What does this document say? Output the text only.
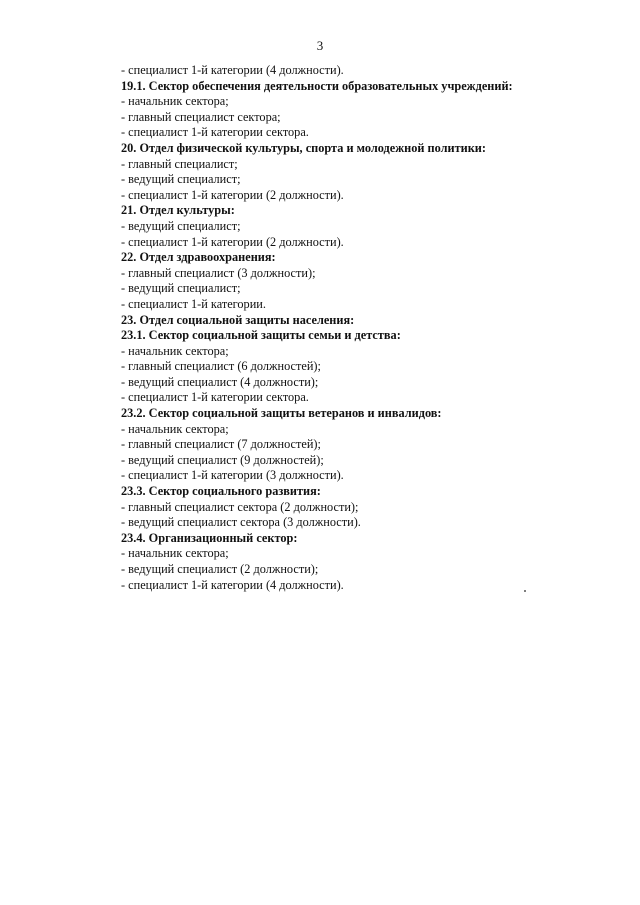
3
- специалист 1-й категории (4 должности).
19.1. Сектор обеспечения деятельности образовательных учреждений:
- начальник сектора;
- главный специалист сектора;
- специалист 1-й категории сектора.
20. Отдел физической культуры, спорта и молодежной политики:
- главный специалист;
- ведущий специалист;
- специалист 1-й категории (2 должности).
21. Отдел культуры:
- ведущий специалист;
- специалист 1-й категории (2 должности).
22. Отдел здравоохранения:
- главный специалист (3 должности);
- ведущий специалист;
- специалист 1-й категории.
23. Отдел социальной защиты населения:
23.1. Сектор социальной защиты семьи и детства:
- начальник сектора;
- главный специалист (6 должностей);
- ведущий специалист (4 должности);
- специалист 1-й категории сектора.
23.2. Сектор социальной защиты ветеранов и инвалидов:
- начальник сектора;
- главный специалист (7 должностей);
- ведущий специалист (9 должностей);
- специалист 1-й категории (3 должности).
23.3. Сектор социального развития:
- главный специалист сектора (2 должности);
- ведущий специалист сектора (3 должности).
23.4. Организационный сектор:
- начальник сектора;
- ведущий специалист (2 должности);
- специалист 1-й категории (4 должности).
